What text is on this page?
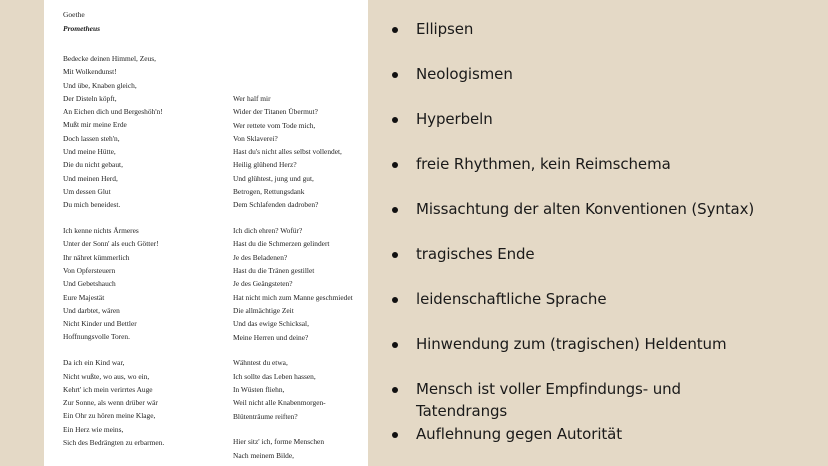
Goethe
Prometheus
Bedecke deinen Himmel, Zeus,
Mit Wolkendunst!
Und übe, Knaben gleich,
Der Disteln köpft,
An Eichen dich und Bergeshöh'n!
Mußt mir meine Erde
Doch lassen steh'n,
Und meine Hütte,
Die du nicht gebaut,
Und meinen Herd,
Um dessen Glut
Du mich beneidest.
Ich kenne nichts Ärmeres
Unter der Sonn' als euch Götter!
Ihr nähret kümmerlich
Von Opfersteuern
Und Gebetshauch
Eure Majestät
Und darbtet, wären
Nicht Kinder und Bettler
Hoffnungsvolle Toren.
Da ich ein Kind war,
Nicht wußte, wo aus, wo ein,
Kehrt' ich mein verirrtes Auge
Zur Sonne, als wenn drüber wär
Ein Ohr zu hören meine Klage,
Ein Herz wie meins,
Sich des Bedrängten zu erbarmen.
Wer half mir
Wider der Titanen Übermut?
Wer rettete vom Tode mich,
Von Sklaverei?
Hast du's nicht alles selbst vollendet,
Heilig glühend Herz?
Und glühtest, jung und gut,
Betrogen, Rettungsdank
Dem Schlafenden dadroben?
Ich dich ehren? Wofür?
Hast du die Schmerzen gelindert
Je des Beladenen?
Hast du die Tränen gestillet
Je des Geängsteten?
Hat nicht mich zum Manne geschmiedet
Die allmächtige Zeit
Und das ewige Schicksal,
Meine Herren und deine?
Wähntest du etwa,
Ich sollte das Leben hassen,
In Wüsten fliehn,
Weil nicht alle Knabenmorgen-
Blütenträume reiften?
Hier sitz' ich, forme Menschen
Nach meinem Bilde,
Ellipsen
Neologismen
Hyperbeln
freie Rhythmen, kein Reimschema
Missachtung der alten Konventionen (Syntax)
tragisches Ende
leidenschaftliche Sprache
Hinwendung zum (tragischen) Heldentum
Mensch ist voller Empfindungs- und Tatendrangs
Auflehnung gegen Autorität
